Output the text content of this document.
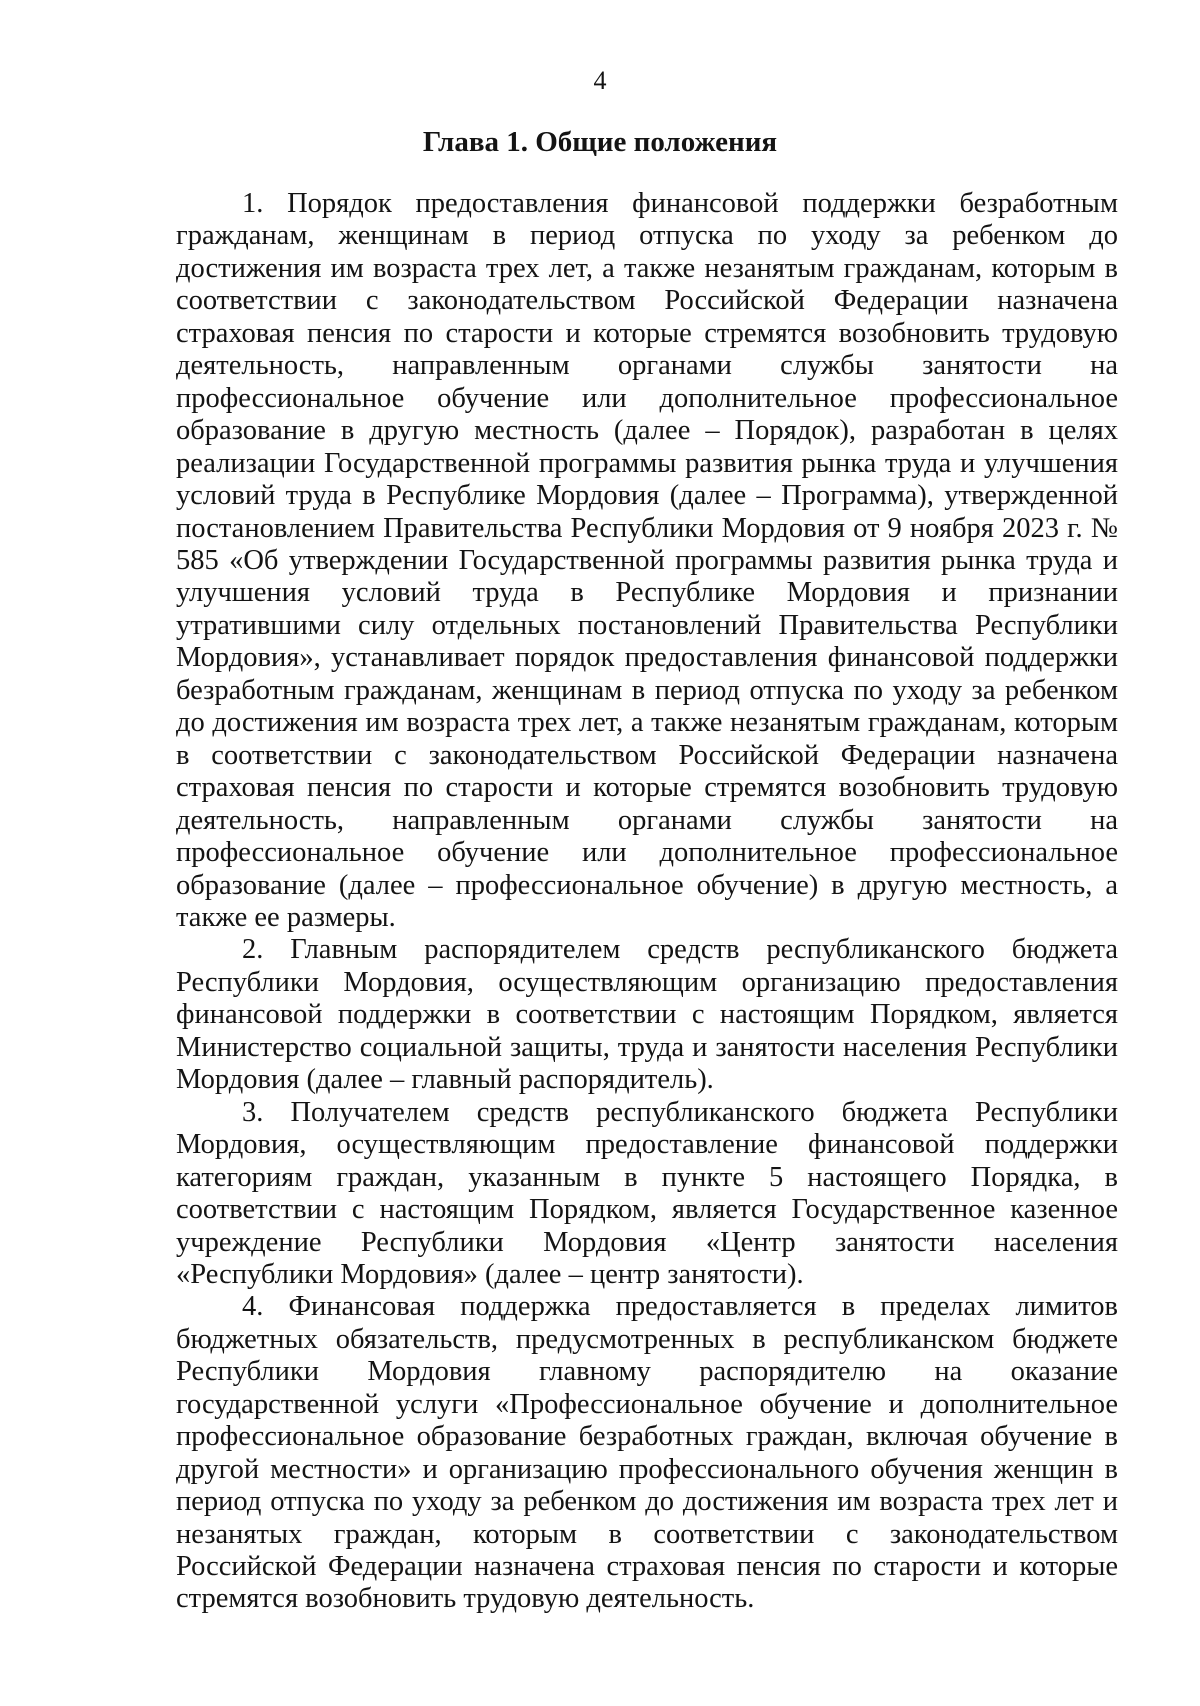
4
Глава 1. Общие положения

1. Порядок предоставления финансовой поддержки безработным гражданам, женщинам в период отпуска по уходу за ребенком до достижения им возраста трех лет, а также незанятым гражданам, которым в соответствии с законодательством Российской Федерации назначена страховая пенсия по старости и которые стремятся возобновить трудовую деятельность, направленным органами службы занятости на профессиональное обучение или дополнительное профессиональное образование в другую местность (далее – Порядок), разработан в целях реализации Государственной программы развития рынка труда и улучшения условий труда в Республике Мордовия (далее – Программа), утвержденной постановлением Правительства Республики Мордовия от 9 ноября 2023 г. № 585 «Об утверждении Государственной программы развития рынка труда и улучшения условий труда в Республике Мордовия и признании утратившими силу отдельных постановлений Правительства Республики Мордовия», устанавливает порядок предоставления финансовой поддержки безработным гражданам, женщинам в период отпуска по уходу за ребенком до достижения им возраста трех лет, а также незанятым гражданам, которым в соответствии с законодательством Российской Федерации назначена страховая пенсия по старости и которые стремятся возобновить трудовую деятельность, направленным органами службы занятости на профессиональное обучение или дополнительное профессиональное образование (далее – профессиональное обучение) в другую местность, а также ее размеры.

2. Главным распорядителем средств республиканского бюджета Республики Мордовия, осуществляющим организацию предоставления финансовой поддержки в соответствии с настоящим Порядком, является Министерство социальной защиты, труда и занятости населения Республики Мордовия (далее – главный распорядитель).

3. Получателем средств республиканского бюджета Республики Мордовия, осуществляющим предоставление финансовой поддержки категориям граждан, указанным в пункте 5 настоящего Порядка, в соответствии с настоящим Порядком, является Государственное казенное учреждение Республики Мордовия «Центр занятости населения «Республики Мордовия» (далее – центр занятости).

4. Финансовая поддержка предоставляется в пределах лимитов бюджетных обязательств, предусмотренных в республиканском бюджете Республики Мордовия главному распорядителю на оказание государственной услуги «Профессиональное обучение и дополнительное профессиональное образование безработных граждан, включая обучение в другой местности» и организацию профессионального обучения женщин в период отпуска по уходу за ребенком до достижения им возраста трех лет и незанятых граждан, которым в соответствии с законодательством Российской Федерации назначена страховая пенсия по старости и которые стремятся возобновить трудовую деятельность.
